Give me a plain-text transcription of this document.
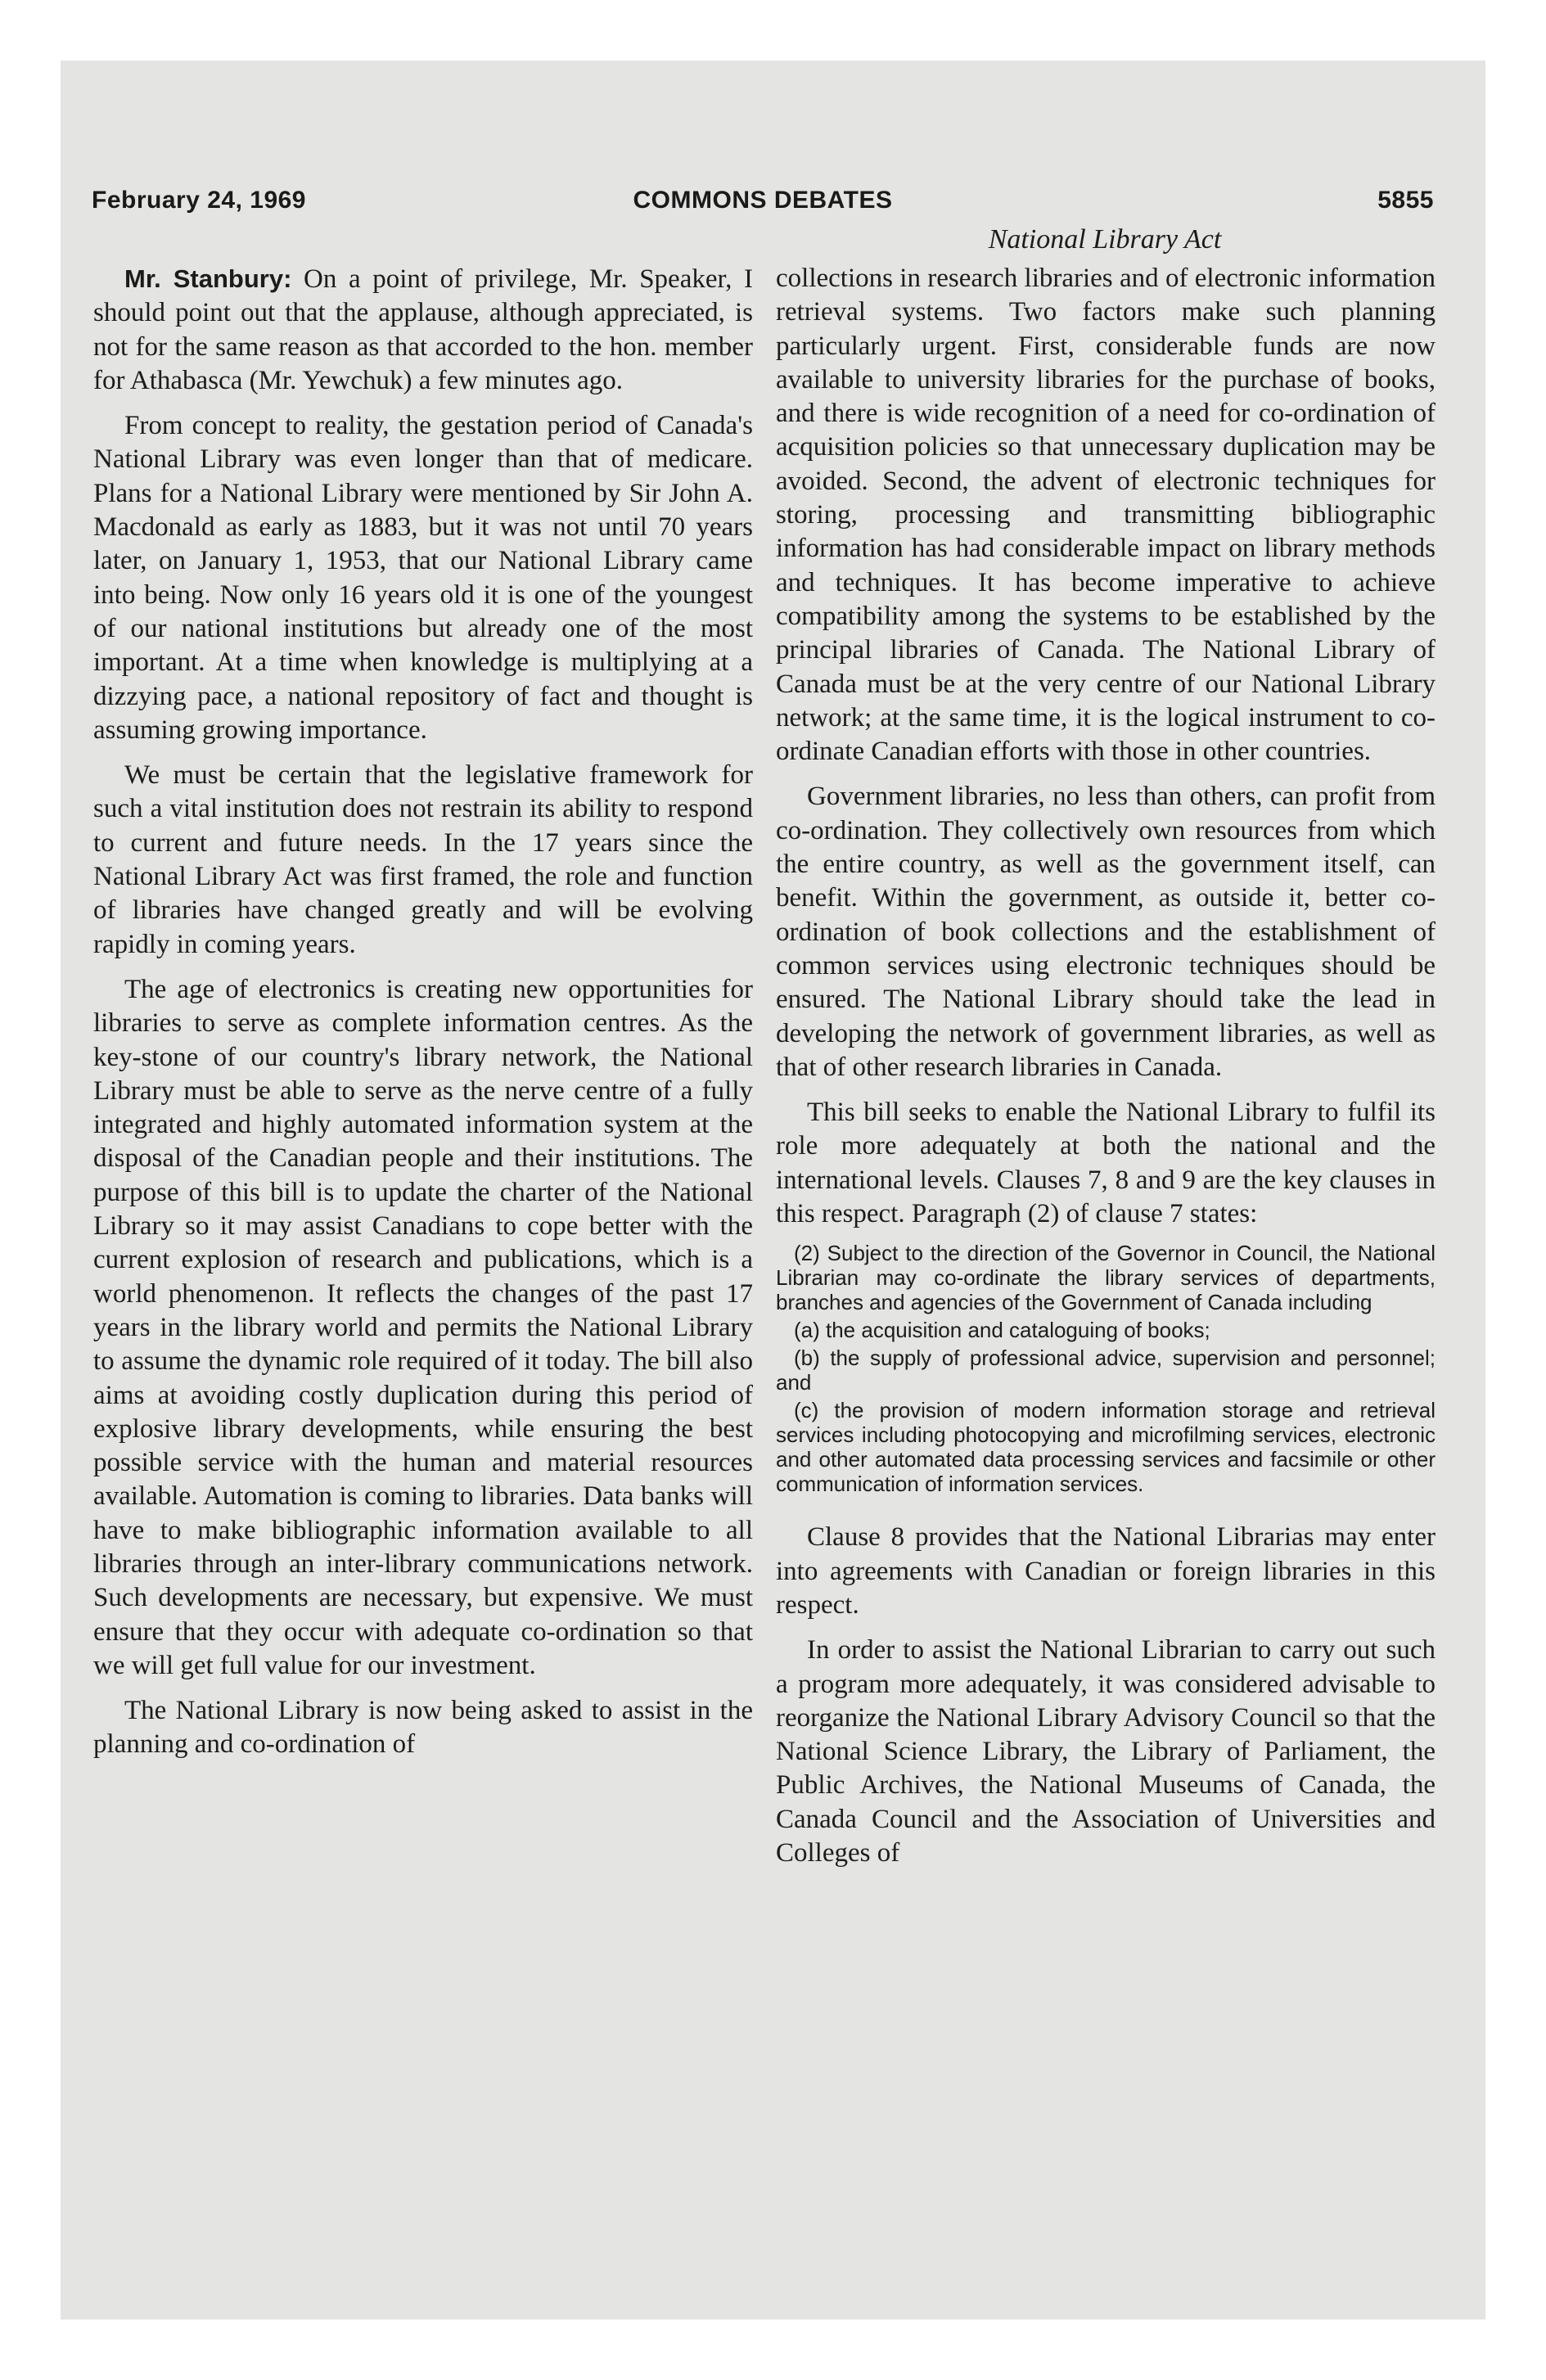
COMMONS DEBATES
February 24, 1969	5855
National Library Act

Mr. Stanbury: On a point of privilege, Mr. Speaker, I should point out that the applause, although appreciated, is not for the same reason as that accorded to the hon. member for Athabasca (Mr. Yewchuk) a few minutes ago.

From concept to reality, the gestation period of Canada's National Library was even longer than that of medicare. Plans for a National Library were mentioned by Sir John A. Macdonald as early as 1883, but it was not until 70 years later, on January 1, 1953, that our National Library came into being. Now only 16 years old it is one of the youngest of our national institutions but already one of the most important. At a time when knowledge is multiplying at a dizzying pace, a national repository of fact and thought is assuming growing importance.

We must be certain that the legislative framework for such a vital institution does not restrain its ability to respond to current and future needs. In the 17 years since the National Library Act was first framed, the role and function of libraries have changed greatly and will be evolving rapidly in coming years.

The age of electronics is creating new opportunities for libraries to serve as complete information centres. As the key-stone of our country's library network, the National Library must be able to serve as the nerve centre of a fully integrated and highly automated information system at the disposal of the Canadian people and their institutions. The purpose of this bill is to update the charter of the National Library so it may assist Canadians to cope better with the current explosion of research and publications, which is a world phenomenon. It reflects the changes of the past 17 years in the library world and permits the National Library to assume the dynamic role required of it today. The bill also aims at avoiding costly duplication during this period of explosive library developments, while ensuring the best possible service with the human and material resources available. Automation is coming to libraries. Data banks will have to make bibliographic information available to all libraries through an inter-library communications network. Such developments are necessary, but expensive. We must ensure that they occur with adequate co-ordination so that we will get full value for our investment.

The National Library is now being asked to assist in the planning and co-ordination of

collections in research libraries and of electronic information retrieval systems. Two factors make such planning particularly urgent. First, considerable funds are now available to university libraries for the purchase of books, and there is wide recognition of a need for co-ordination of acquisition policies so that unnecessary duplication may be avoided. Second, the advent of electronic techniques for storing, processing and transmitting bibliographic information has had considerable impact on library methods and techniques. It has become imperative to achieve compatibility among the systems to be established by the principal libraries of Canada. The National Library of Canada must be at the very centre of our National Library network; at the same time, it is the logical instrument to co-ordinate Canadian efforts with those in other countries.

Government libraries, no less than others, can profit from co-ordination. They collectively own resources from which the entire country, as well as the government itself, can benefit. Within the government, as outside it, better co-ordination of book collections and the establishment of common services using electronic techniques should be ensured. The National Library should take the lead in developing the network of government libraries, as well as that of other research libraries in Canada.

This bill seeks to enable the National Library to fulfil its role more adequately at both the national and the international levels. Clauses 7, 8 and 9 are the key clauses in this respect. Paragraph (2) of clause 7 states:

(2) Subject to the direction of the Governor in Council, the National Librarian may co-ordinate the library services of departments, branches and agencies of the Government of Canada including

(a) the acquisition and cataloguing of books;

(b) the supply of professional advice, supervision and personnel; and

(c) the provision of modern information storage and retrieval services including photocopying and microfilming services, electronic and other automated data processing services and facsimile or other communication of information services.

Clause 8 provides that the National Librarias may enter into agreements with Canadian or foreign libraries in this respect.

In order to assist the National Librarian to carry out such a program more adequately, it was considered advisable to reorganize the National Library Advisory Council so that the National Science Library, the Library of Parliament, the Public Archives, the National Museums of Canada, the Canada Council and the Association of Universities and Colleges of
